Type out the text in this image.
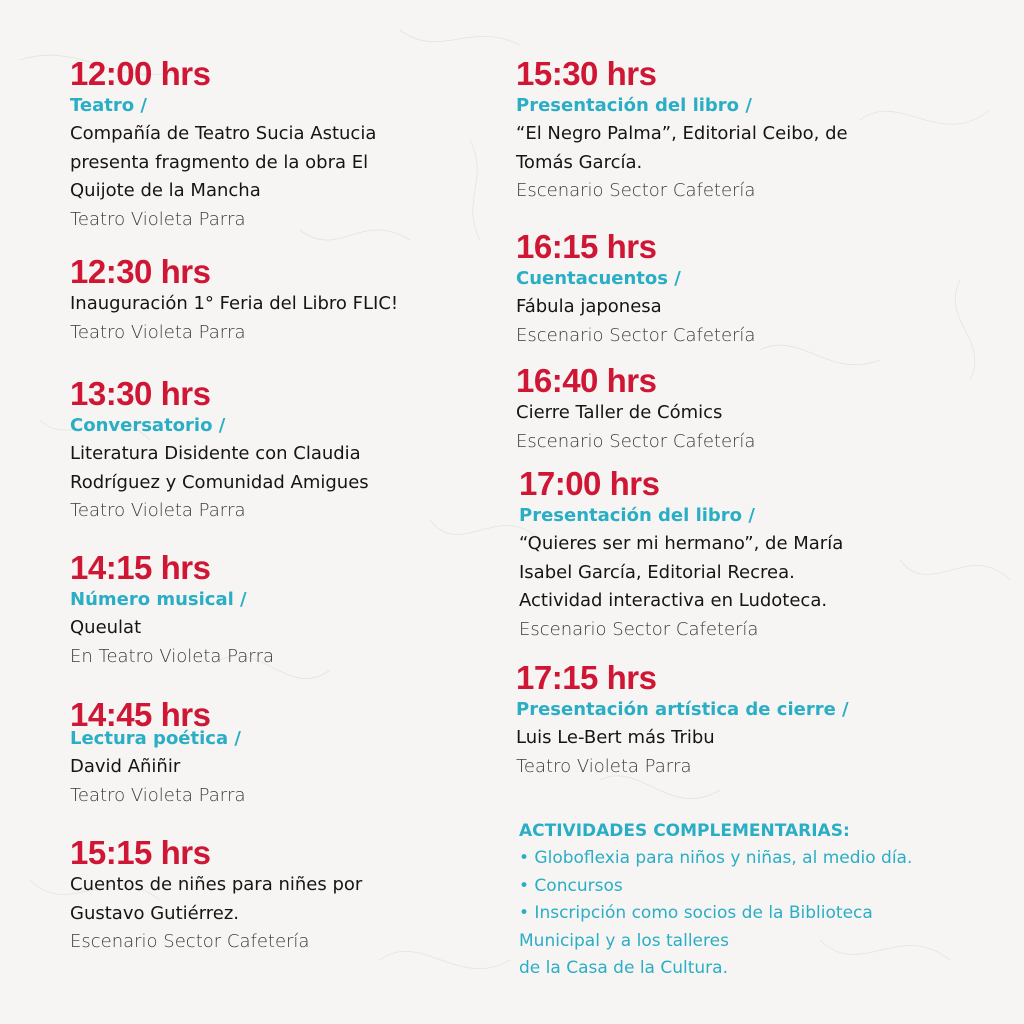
12:00 hrs
Teatro /
Compañía de Teatro Sucia Astucia
presenta fragmento de la obra El
Quijote de la Mancha
Teatro Violeta Parra
12:30 hrs
Inauguración 1° Feria del Libro FLIC!
Teatro Violeta Parra
13:30 hrs
Conversatorio /
Literatura Disidente con Claudia
Rodríguez y Comunidad Amigues
Teatro Violeta Parra
14:15 hrs
Número musical /
Queulat
En Teatro Violeta Parra
14:45 hrs
Lectura poética /
David Añiñir
Teatro Violeta Parra
15:15 hrs
Cuentos de niñes para niñes por
Gustavo Gutiérrez.
Escenario Sector Cafetería
15:30 hrs
Presentación del libro /
“El Negro Palma”, Editorial Ceibo, de
Tomás García.
Escenario Sector Cafetería
16:15 hrs
Cuentacuentos /
Fábula japonesa
Escenario Sector Cafetería
16:40 hrs
Cierre Taller de Cómics
Escenario Sector Cafetería
17:00 hrs
Presentación del libro /
“Quieres ser mi hermano”, de María
Isabel García, Editorial Recrea.
Actividad interactiva en Ludoteca.
Escenario Sector Cafetería
17:15 hrs
Presentación artística de cierre /
Luis Le-Bert más Tribu
Teatro Violeta Parra
ACTIVIDADES COMPLEMENTARIAS:
• Globoflexia para niños y niñas, al medio día.
• Concursos
• Inscripción como socios de la Biblioteca
Municipal y a los talleres
de la Casa de la Cultura.
